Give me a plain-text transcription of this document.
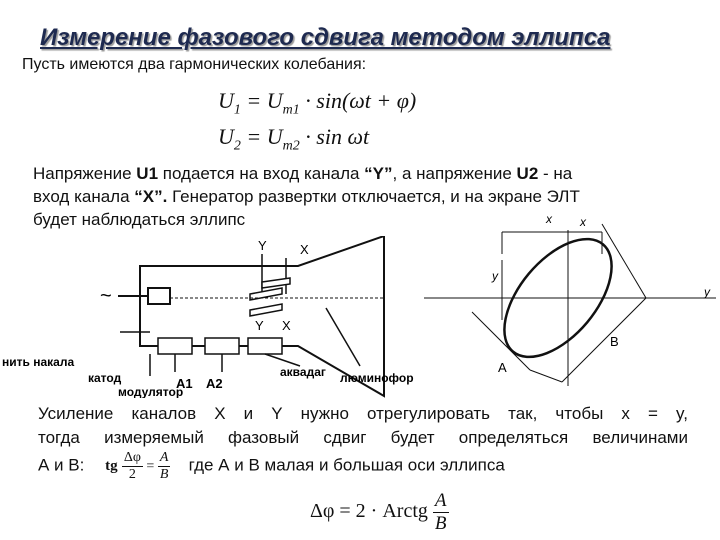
Измерение фазового сдвига методом эллипса
Пусть имеются два гармонических колебания:
$U_1 = U_{m1} \cdot \sin(\omega t + \varphi)$
$U_2 = U_{m2} \cdot \sin \omega t$
Напряжение U1 подается на вход канала “Y”, а напряжение U2 - на
вход канала “X”. Генератор развертки отключается, и на экране ЭЛТ
будет наблюдаться эллипс
Y	X
Y X
~
нить накала
катод
модулятор
A1 A2
аквадаг люминофор
x x
y
y
B
A
Усиление каналов X и Y нужно отрегулировать так, чтобы x = y,
тогда измеряемый фазовый сдвиг будет определяться величинами
А и В: tg $\frac{\Delta\varphi}{2} = \frac{A}{B}$ где А и В малая и большая оси эллипса
Δφ = 2 · Arctg $\frac{A}{B}$
